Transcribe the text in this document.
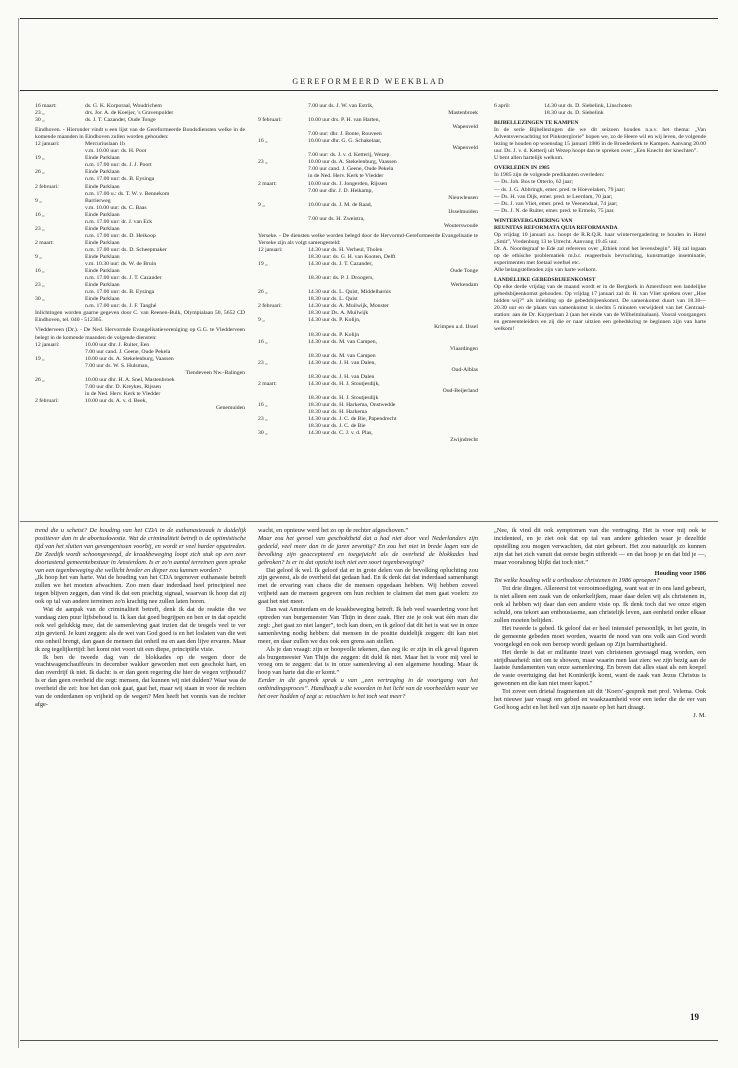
GEREFORMEERD WEEKBLAD
16 maart:	ds. G. K. Korporaal, Woudrichem
23 „	drs. Jor. A. de Koeijer, 's Gravenpolder
30 „	ds. J. T. Cazander, Oude Tonge

Eindhoven. - Hieronder vindt u een lijst van de Gereformeerde Bondsdiensten welke in de komende maanden in Eindhoven zullen worden gehouden:

12 januari:	Mercuriuslaan 1b
v.m. 10.00 uur: ds. H. Poot
19 „	Einde Parklaan
n.m. 17.00 uur: ds. J. J. Poort
26 „	Einde Parklaan
n.m. 17.00 uur: ds. B. Eysinga
2 februari:	Einde Parklaan
n.m. 17.00 u.: ds. T. W. v. Bennekom
9 „	Barrierweg
v.m. 10.00 uur: ds. C. Baas
16 „	Einde Parklaan
n.m. 17.00 uur: dr. J. van Eck
23 „	Einde Parklaan
n.m. 17.00 uur: ds. D. Heikoop
2 maart:	Einde Parklaan
n.m. 17.00 uur: ds. D. Scheepmaker
9 „	Einde Parklaan
v.m. 10.30 uur: ds. W. de Bruin
16 „	Einde Parklaan
n.m. 17.00 uur: ds. J. T. Cazander
23 „	Einde Parklaan
n.m. 17.00 uur: ds. B. Eysinga
30 „	Einde Parklaan
n.m. 17.00 uur: ds. J. F. Tanghé

Inlichtingen worden gaarne gegeven door C. van Reenen-Bulk, Olympialaan 50, 5652 CD Eindhoven, tel. 040 - 512365.

Vledderveen (Dr.). - De Ned. Hervormde Evangelisatievereniging op G.G. te Vledderveen belegt in de komende maanden de volgende diensten:

12 januari:	10.00 uur dhr. J. Ruiter, Een
7.00 uur cand. J. Geene, Oude Pekela
19 „	10.00 uur ds. A. Stekelenburg, Vaassen
7.00 uur ds. W. S. Hulsman,
Tiendeveen Nw.-Balingen
26 „	10.00 uur dhr. H. A. Snel, Mastenbroek
7.00 uur dhr. D. Kreykes, Rijssen
in de Ned. Herv. Kerk te Vledder
2 februari:	10.00 uur ds. A. v. d. Beek,
Genemuiden
7.00 uur ds. J. W. van Estrik,
Mastenbroek
9 februari:	10.00 uur drs. P. H. van Harten,
Wapenveld
7.00 uur: dhr. J. Bonte, Rouveen
16 „	10.00 uur dhr. G. G. Schakelaar,
Wapenveld
7.00 uur: ds. J. v. d. Ketterij, Wezep
23 „	10.00 uur ds. A. Stekelenburg, Vaassen
7.00 uur cand. J. Geene, Oude Pekela
in de Ned. Herv. Kerk te Vledder
2 maart:	10.00 uur ds. J. Jongerden, Rijssen
7.00 uur dhr. J. D. Heikamp,
Nieuwleusen
9 „	10.00 uur ds. J. M. de Raad,
IJsselmuiden
7.00 uur ds. H. Zweistra,
Wouterswoude

Yerseke. - De diensten welke worden belegd door de Hervormd-Gereformeerde Evangelisatie te Yerseke zijn als volgt samengesteld:

12 januari:	14.30 uur ds. H. Verheul, Tholen
18.30 uur: ds. G. H. van Kooten, Delft
19 „	14.30 uur ds. J. T. Cazander,
Oude Tonge
18.30 uur: ds. P. J. Droogers,
Werkendam
26 „	14.30 uur ds. L. Quist, Middelharnis
18.30 uur ds. L. Quist
2 februari:	14.30 uur ds. A. Muilwijk, Monster
18.30 uur Ds. A. Muilwijk
9 „	14.30 uur ds. P. Kolijn,
Krimpen a.d. IJssel
18.30 uur ds. P. Kolijn
16 „	14.30 uur ds. M. van Campen,
Vlaardingen
18.30 uur ds. M. van Campen
23 „	14.30 uur ds. J. H. van Dalen,
Oud-Alblas
18.30 uur ds. J. H. van Dalen
2 maart:	14.30 uur ds. H. J. Stoutjesdijk,
Oud-Beijerland
18.30 uur ds. H. J. Stoutjesdijk
16 „	18.30 uur ds. H. Harkema, Onstwedde
18.30 uur ds. H. Harkema
23 „	14.30 uur ds. J. C. de Bie, Papendrecht
18.30 uur ds. J. C. de Bie
30 „	14.30 uur ds. C. J. v. d. Plas,
Zwijndrecht
6 april:	14.30 uur ds. D. Siebelink, Linschoten
18.30 uur ds. D. Siebelink
BIJBELLEZINGEN TE KAMPEN

In de serie Bijbellezingen die we dit seizoen houden n.a.v. het thema: „Van Adventsverwachting tot Pinksterglorie” hopen we, zo de Heere wil en wij leven, de volgende lezing te houden op woensdag 15 januari 1986 in de Broederkerk te Kampen. Aanvang 20.00 uur. Ds. J. v. d. Ketterij uit Wezep hoopt dan te spreken over: „Een Knecht der knechten”.

U bent allen hartelijk welkom.

OVERLEDEN IN 1985

In 1985 zijn de volgende predikanten overleden:

— Ds. Joh. Bos te Otterlo, 62 jaar;

— ds. J. G. Abbringh, emer. pred. te Hoevelaken, 79 jaar;

— Ds. H. van Dijk, emer. pred. te Leerdam, 70 jaar;

— Ds. J. van Vliet, emer. pred. te Veenendaal, 74 jaar;

— Ds. J. N. de Ruiter, emer. pred. te Ermelo, 75 jaar.

WINTERVERGADERING VAN
REUNITAS REFORMATA QUIA REFORMANDA

Op vrijdag 10 januari a.s. hoopt de R.R.Q.R. haar wintervergadering te houden in Hotel „Smit”, Vredenburg 13 te Utrecht. Aanvang 19.45 uur.

Dr. A. Noordegraaf te Ede zal refereren over „Ethiek rond het levensbegin”. Hij zal ingaan op de ethische problematiek m.b.t. reageerbuis bevruchting, kunstmatige inseminatie, experimenten met foetaal weefsel etc.

Alle belangstellenden zijn van harte welkom.

LANDELIJKE GEBEDSBIJEENKOMST

Op elke derde vrijdag van de maand wordt er in de Bergkerk in Amersfoort een landelijke gebedsbijeenkomst gehouden. Op vrijdag 17 januari zal dr. H. van Vliet spreken over „Hoe bidden wij?” als inleiding op de gebedsbijeenkomst. De samenkomst duurt van 18.30—20.30 uur en de plaats van samenkomst is slechts 5 minuten verwijderd van het Centraal-station: aan de Dr. Kuyperlaan 2 (aan het einde van de Wilhelminalaan). Vooral voorgangers en gemeenteleiders en zij die er naar uitzien een gebedskring te beginnen zijn van harte welkom!

trend die u schetst? De houding van het CDA in de euthanasiezaak is duidelijk positiever dan in de abortuskwestie. Wat de criminaliteit betreft is de optimistische tijd van het sluiten van gevangenissen voorbij, en wordt er veel harder opgetreden. De Zeedijk wordt schoongeveegd, de kraakbeweging loopt zich stuk op een zeer doortastend gemeentebestuur in Amsterdam. Is er zo'n aantal terreinen geen sprake van een tegenbeweging die wellicht breder en dieper zou kunnen worden?

„Ik hoop het van harte. Wat de houding van het CDA tegenover euthanasie betreft zullen we het moeten afwachten. Zoo men daar inderdaad heel principieel nee tegen blijven zeggen, dan vind ik dat een prachtig signaal, waarvan ik hoop dat zij ook op tal van andere terreinen zo'n krachtig nee zullen laten horen.

Wat de aanpak van de criminaliteit betreft, denk ik dat de reaktie die we vandaag zien puur lijfsbehoud is. Ik kan dat goed begrijpen en ben er in dat opzicht ook wel gelukkig mee, dat de samenleving gaat inzien dat de teugels veel te ver zijn gevierd. Je kunt zeggen: als de wet van God goed is en het loslaten van die wet ons onheil brengt, dan gaan de mensen dat onheil nu en aan den lijve ervaren. Maar ik zeg tegelijkertijd: het komt niet voort uit een diepe, principiële visie.

Ik ben de tweede dag van de blokkades op de wegen door de vrachtwagenchauffeurs in december wakker geworden met een geschokt hart, en dan overdrijf ik niet. Ik dacht: is er dan geen regering die hier de wegen vrijhoudt? Is er dan geen overheid die zegt: mensen, dat kunnen wij niet dulden? Waar was de overheid die zei: hoe het dan ook gaat, gaat het, maar wij staan in voor de rechten van de onderdanen op vrijheid op de wegen? Men heeft het vonnis van de rechter afge-

wacht, en opnieuw werd het zo op de rechter afgeschoven.”

Maar zou het gevoel van geschoktheid dat u had niet door veel Nederlanders zijn gedeeld, veel meer dan in de jaren zeventig? En zou het niet in brede lagen van de bevolking zijn geaccepteerd en toegejuicht als de overheid de blokkades had gebroken? Is er in dat opzicht toch niet een soort tegenbeweging?

Dat geloof ik wel. Ik geloof dat er in grote delen van de bevolking opluchting zou zijn geweest, als de overheid dat gedaan had. En ik denk dat dat inderdaad samenhangt met de ervaring van chaos die de mensen opgedaan hebben. Wij hebben zoveel vrijheid aan de mensen gegeven om hun rechten te claimen dat men gaat voelen: zo gaat het niet meer.

Dan wat Amsterdam en de kraakbeweging betreft. Ik heb veel waardering voor het optreden van burgemeester Van Thijn in deze zaak. Hier zie je ook wat één man die zegt: „het gaat zo niet langer”, toch kan doen, en ik geloof dat dit het is wat we in onze samenleving nodig hebben: dat mensen in de positie duidelijk zeggen: dit kan niet meer, en daar zullen we dus ook een grens aan stellen.

Als je dan vraagt: zijn er hoopvolle tekenen, dan zeg ik: er zijn in elk geval figuren als burgemeester Van Thijn die zeggen: dit duld ik niet. Maar het is voor mij veel te vroeg om te zeggen: dat is in onze samenleving al een algemene houding. Maar ik hoop van harte dat die er komt.”

Eerder in dit gesprek sprak u van „een vertraging in de voortgang van het ontbindingsproces”. Handhaaft u die woorden in het licht van de voorbeelden waar we het over hadden of zegt u: misschien is het toch wat meer?

„Nee, ik vind dit ook symptomen van die vertraging. Het is voor mij ook te incidenteel, en je ziet ook dat op tal van andere gebieden waar je dezelfde opstelling zou mogen verwachten, dat niet gebeurt. Het zou natuurlijk zo kunnen zijn dat het zich vanuit dat eerste begin uitbreidt — en dat hoop je en dat bid je —, maar vooralsnog blijkt dat toch niet.”

Houding voor 1986

Tot welke houding wilt u orthodoxe christenen in 1986 oproepen?

Tot drie dingen. Allereerst tot verootmoediging, want wat er in ons land gebeurt, is niet alleen een zaak van de onkerkelijken, maar daar delen wij als christenen in, ook al hebben wij daar dan een andere visie op. Ik denk toch dat we onze eigen schuld, ons tekort aan enthousiasme, aan christelijk leven, aan eenheid onder elkaar zullen moeten belijden.

Het tweede is gebed. Ik geloof dat er heel intensief persoonlijk, in het gezin, in de gemeente gebeden moet worden, waarin de nood van ons volk aan God wordt voorgelegd en ook een beroep wordt gedaan op Zijn barmhartigheid.

Het derde is dat er militante inzet van christenen gevraagd mag worden, een strijdbaarheid: niet om te showen, maar waarin men laat zien: we zijn bezig aan de laatste fundamenten van onze samenleving. En boven dat alles staat als een koepel de vaste overtuiging dat het Koninkrijk komt, want de zaak van Jezus Christus is gewonnen en die kan niet meer kapot.”

Tot zover een drietal fragmenten uit dit ‘Koers’-gesprek met prof. Velema. Ook het nieuwe jaar vraagt om gebed en waakzaamheid voor een ieder die de eer van God hoog acht en het heil van zijn naaste op het hart draagt.

J. M.

19
